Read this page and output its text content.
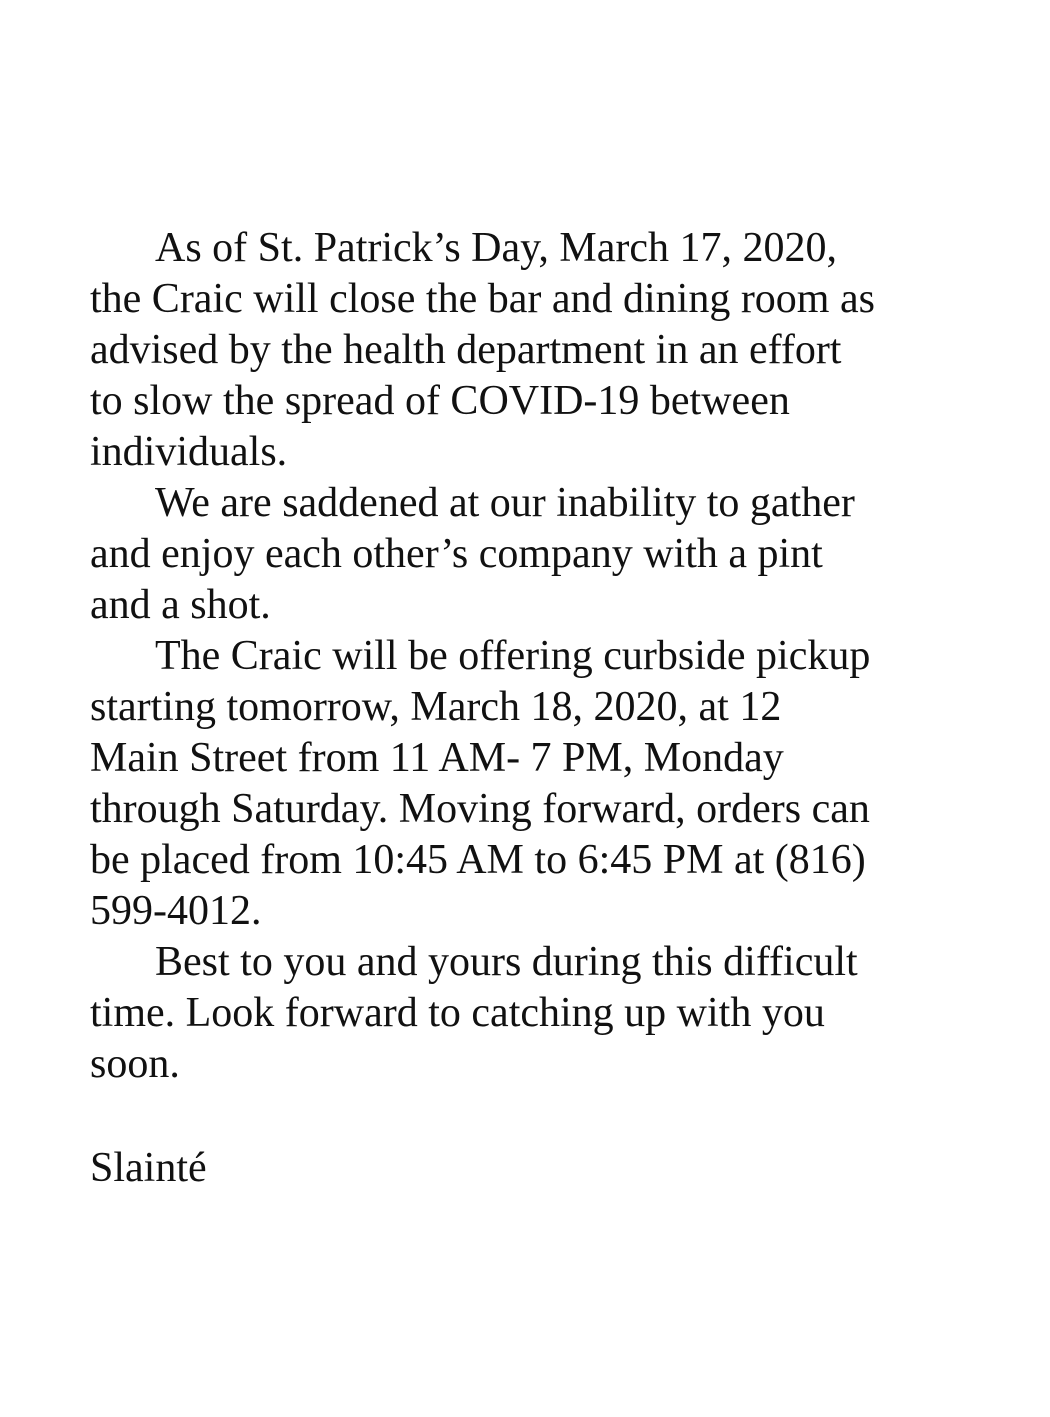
As of St. Patrick’s Day, March 17, 2020,
the Craic will close the bar and dining room as
advised by the health department in an effort
to slow the spread of COVID-19 between
individuals.

We are saddened at our inability to gather
and enjoy each other’s company with a pint
and a shot.

The Craic will be offering curbside pickup
starting tomorrow, March 18, 2020, at 12
Main Street from 11 AM- 7 PM, Monday
through Saturday. Moving forward, orders can
be placed from 10:45 AM to 6:45 PM at (816)
599-4012.

Best to you and yours during this difficult
time. Look forward to catching up with you
soon.

Slainté
